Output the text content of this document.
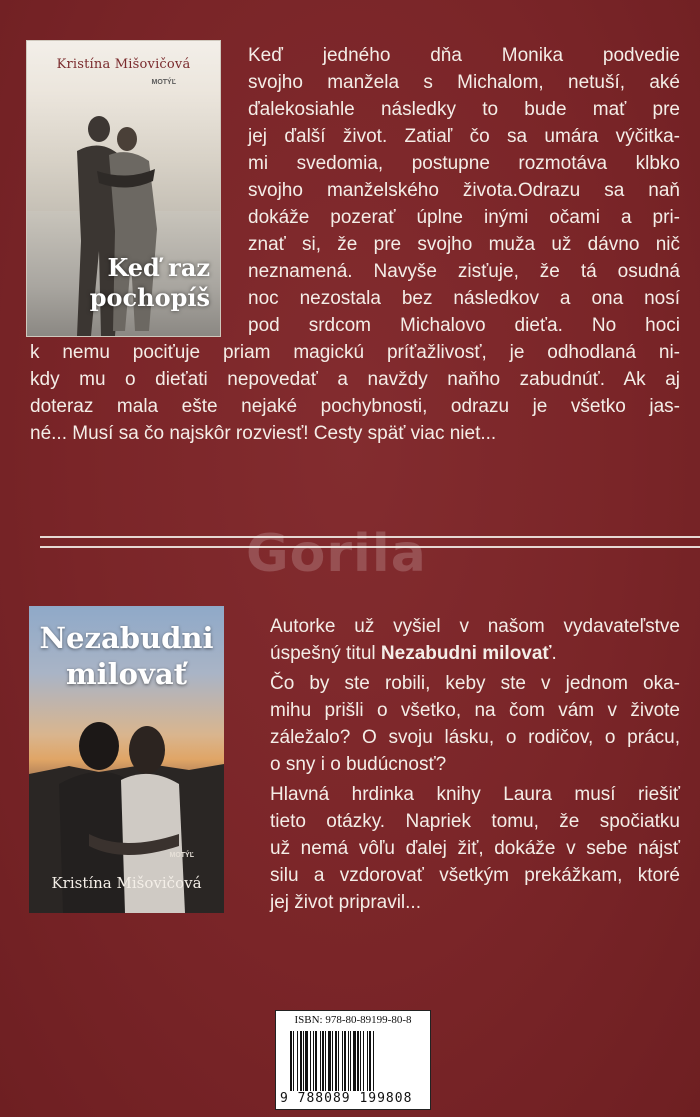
Kristína Mišovičová
MOTÝĽ
Keď raz
pochopíš
Keď jedného dňa Monika podvedie
svojho manžela s Michalom, netuší, aké
ďalekosiahle následky to bude mať pre
jej ďalší život. Zatiaľ čo sa umára výčitka-
mi svedomia, postupne rozmotáva klbko
svojho manželského života.Odrazu sa naň
dokáže pozerať úplne inými očami a pri-
znať si, že pre svojho muža už dávno nič
neznamená. Navyše zisťuje, že tá osudná
noc nezostala bez následkov a ona nosí
pod srdcom Michalovo dieťa. No hoci
k nemu pociťuje priam magickú príťažlivosť, je odhodlaná ni-
kdy mu o dieťati nepovedať a navždy naňho zabudnúť. Ak aj
doteraz mala ešte nejaké pochybnosti, odrazu je všetko jas-
né... Musí sa čo najskôr rozviesť! Cesty späť viac niet...
Gorila
Nezabudni
milovať
MOTÝĽ
Kristína Mišovičová
Autorke už vyšiel v našom vydavateľstve
úspešný titul Nezabudni milovať.
Čo by ste robili, keby ste v jednom oka-
mihu prišli o všetko, na čom vám v živote
záležalo? O svoju lásku, o rodičov, o prácu,
o sny i o budúcnosť?
Hlavná hrdinka knihy Laura musí riešiť
tieto otázky. Napriek tomu, že spočiatku
už nemá vôľu ďalej žiť, dokáže v sebe nájsť
silu a vzdorovať všetkým prekážkam, ktoré
jej život pripravil...
ISBN: 978-80-89199-80-8
9 788089 199808
